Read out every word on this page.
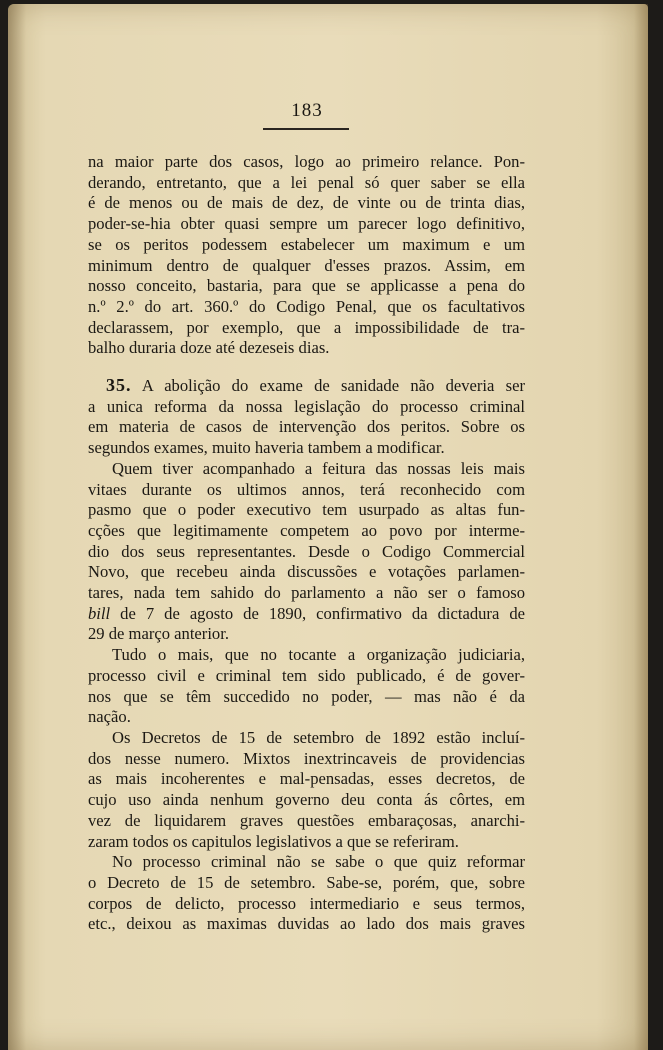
183
na maior parte dos casos, logo ao primeiro relance. Pon-
derando, entretanto, que a lei penal só quer saber se ella
é de menos ou de mais de dez, de vinte ou de trinta dias,
poder-se-hia obter quasi sempre um parecer logo definitivo,
se os peritos podessem estabelecer um maximum e um
minimum dentro de qualquer d'esses prazos. Assim, em
nosso conceito, bastaria, para que se applicasse a pena do
n.º 2.º do art. 360.º do Codigo Penal, que os facultativos
declarassem, por exemplo, que a impossibilidade de tra-
balho duraria doze até dezeseis dias.
35. A abolição do exame de sanidade não deveria ser
a unica reforma da nossa legislação do processo criminal
em materia de casos de intervenção dos peritos. Sobre os
segundos exames, muito haveria tambem a modificar.
Quem tiver acompanhado a feitura das nossas leis mais
vitaes durante os ultimos annos, terá reconhecido com
pasmo que o poder executivo tem usurpado as altas fun-
cções que legitimamente competem ao povo por interme-
dio dos seus representantes. Desde o Codigo Commercial
Novo, que recebeu ainda discussões e votações parlamen-
tares, nada tem sahido do parlamento a não ser o famoso
bill de 7 de agosto de 1890, confirmativo da dictadura de
29 de março anterior.
Tudo o mais, que no tocante a organização judiciaria,
processo civil e criminal tem sido publicado, é de gover-
nos que se têm succedido no poder, — mas não é da
nação.
Os Decretos de 15 de setembro de 1892 estão incluí-
dos nesse numero. Mixtos inextrincaveis de providencias
as mais incoherentes e mal-pensadas, esses decretos, de
cujo uso ainda nenhum governo deu conta ás côrtes, em
vez de liquidarem graves questões embaraçosas, anarchi-
zaram todos os capitulos legislativos a que se referiram.
No processo criminal não se sabe o que quiz reformar
o Decreto de 15 de setembro. Sabe-se, porém, que, sobre
corpos de delicto, processo intermediario e seus termos,
etc., deixou as maximas duvidas ao lado dos mais graves
